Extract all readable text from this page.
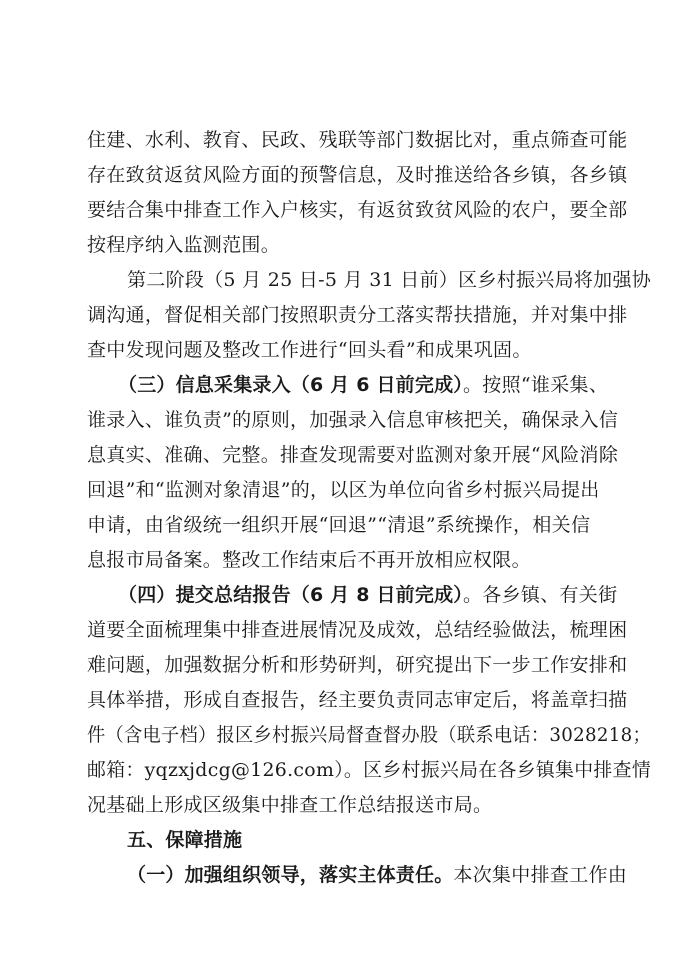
住建、水利、教育、民政、残联等部门数据比对，重点筛查可能
存在致贫返贫风险方面的预警信息，及时推送给各乡镇，各乡镇
要结合集中排查工作入户核实，有返贫致贫风险的农户，要全部
按程序纳入监测范围。
第二阶段（5 月 25 日-5 月 31 日前）区乡村振兴局将加强协
调沟通，督促相关部门按照职责分工落实帮扶措施，并对集中排
查中发现问题及整改工作进行“回头看”和成果巩固。
（三）信息采集录入（6 月 6 日前完成）。按照“谁采集、
谁录入、谁负责”的原则，加强录入信息审核把关，确保录入信
息真实、准确、完整。排查发现需要对监测对象开展“风险消除
回退”和“监测对象清退”的，以区为单位向省乡村振兴局提出
申请，由省级统一组织开展“回退”“清退”系统操作，相关信
息报市局备案。整改工作结束后不再开放相应权限。
（四）提交总结报告（6 月 8 日前完成）。各乡镇、有关街
道要全面梳理集中排查进展情况及成效，总结经验做法，梳理困
难问题，加强数据分析和形势研判，研究提出下一步工作安排和
具体举措，形成自查报告，经主要负责同志审定后，将盖章扫描
件（含电子档）报区乡村振兴局督查督办股（联系电话：3028218；
邮箱：yqzxjdcg@126.com）。区乡村振兴局在各乡镇集中排查情
况基础上形成区级集中排查工作总结报送市局。
五、保障措施
（一）加强组织领导，落实主体责任。本次集中排查工作由
